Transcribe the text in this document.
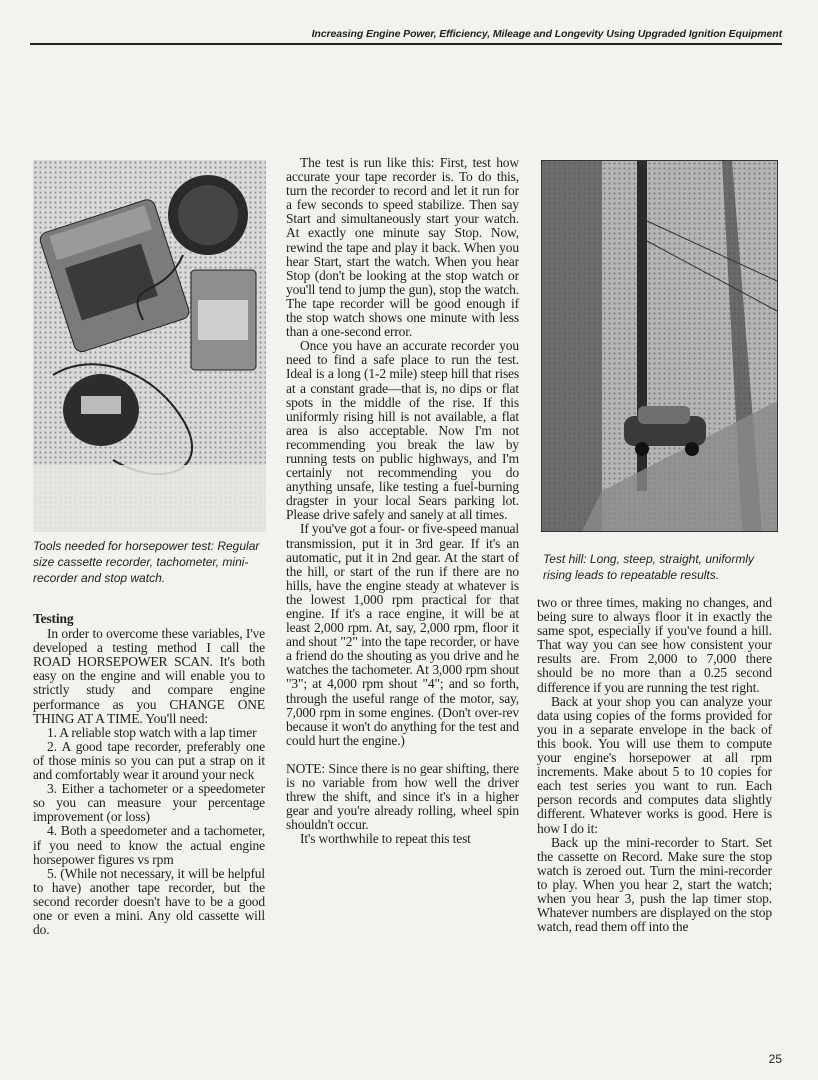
Increasing Engine Power, Efficiency, Mileage and Longevity Using Upgraded Ignition Equipment
Tools needed for horsepower test: Regular size cassette recorder, tachometer, mini-recorder and stop watch.
Test hill: Long, steep, straight, uniformly rising leads to repeatable results.
Testing

In order to overcome these variables, I've developed a testing method I call the ROAD HORSEPOWER SCAN. It's both easy on the engine and will enable you to strictly study and compare engine performance as you CHANGE ONE THING AT A TIME. You'll need:

1. A reliable stop watch with a lap timer

2. A good tape recorder, preferably one of those minis so you can put a strap on it and comfortably wear it around your neck

3. Either a tachometer or a speedometer so you can measure your percentage improvement (or loss)

4. Both a speedometer and a tachometer, if you need to know the actual engine horsepower figures vs rpm

5. (While not necessary, it will be helpful to have) another tape recorder, but the second recorder doesn't have to be a good one or even a mini. Any old cassette will do.

The test is run like this: First, test how accurate your tape recorder is. To do this, turn the recorder to record and let it run for a few seconds to speed stabilize. Then say Start and simultaneously start your watch. At exactly one minute say Stop. Now, rewind the tape and play it back. When you hear Start, start the watch. When you hear Stop (don't be looking at the stop watch or you'll tend to jump the gun), stop the watch. The tape recorder will be good enough if the stop watch shows one minute with less than a one-second error.

Once you have an accurate recorder you need to find a safe place to run the test. Ideal is a long (1-2 mile) steep hill that rises at a constant grade—that is, no dips or flat spots in the middle of the rise. If this uniformly rising hill is not available, a flat area is also acceptable. Now I'm not recommending you break the law by running tests on public highways, and I'm certainly not recommending you do anything unsafe, like testing a fuel-burning dragster in your local Sears parking lot. Please drive safely and sanely at all times.

If you've got a four- or five-speed manual transmission, put it in 3rd gear. If it's an automatic, put it in 2nd gear. At the start of the hill, or start of the run if there are no hills, have the engine steady at whatever is the lowest 1,000 rpm practical for that engine. If it's a race engine, it will be at least 2,000 rpm. At, say, 2,000 rpm, floor it and shout "2" into the tape recorder, or have a friend do the shouting as you drive and he watches the tachometer. At 3,000 rpm shout "3"; at 4,000 rpm shout "4"; and so forth, through the useful range of the motor, say, 7,000 rpm in some engines. (Don't over-rev because it won't do anything for the test and could hurt the engine.)

NOTE: Since there is no gear shifting, there is no variable from how well the driver threw the shift, and since it's in a higher gear and you're already rolling, wheel spin shouldn't occur.

It's worthwhile to repeat this test

two or three times, making no changes, and being sure to always floor it in exactly the same spot, especially if you've found a hill. That way you can see how consistent your results are. From 2,000 to 7,000 there should be no more than a 0.25 second difference if you are running the test right.

Back at your shop you can analyze your data using copies of the forms provided for you in a separate envelope in the back of this book. You will use them to compute your engine's horsepower at all rpm increments. Make about 5 to 10 copies for each test series you want to run. Each person records and computes data slightly different. Whatever works is good. Here is how I do it:

Back up the mini-recorder to Start. Set the cassette on Record. Make sure the stop watch is zeroed out. Turn the mini-recorder to play. When you hear 2, start the watch; when you hear 3, push the lap timer stop. Whatever numbers are displayed on the stop watch, read them off into the

25
